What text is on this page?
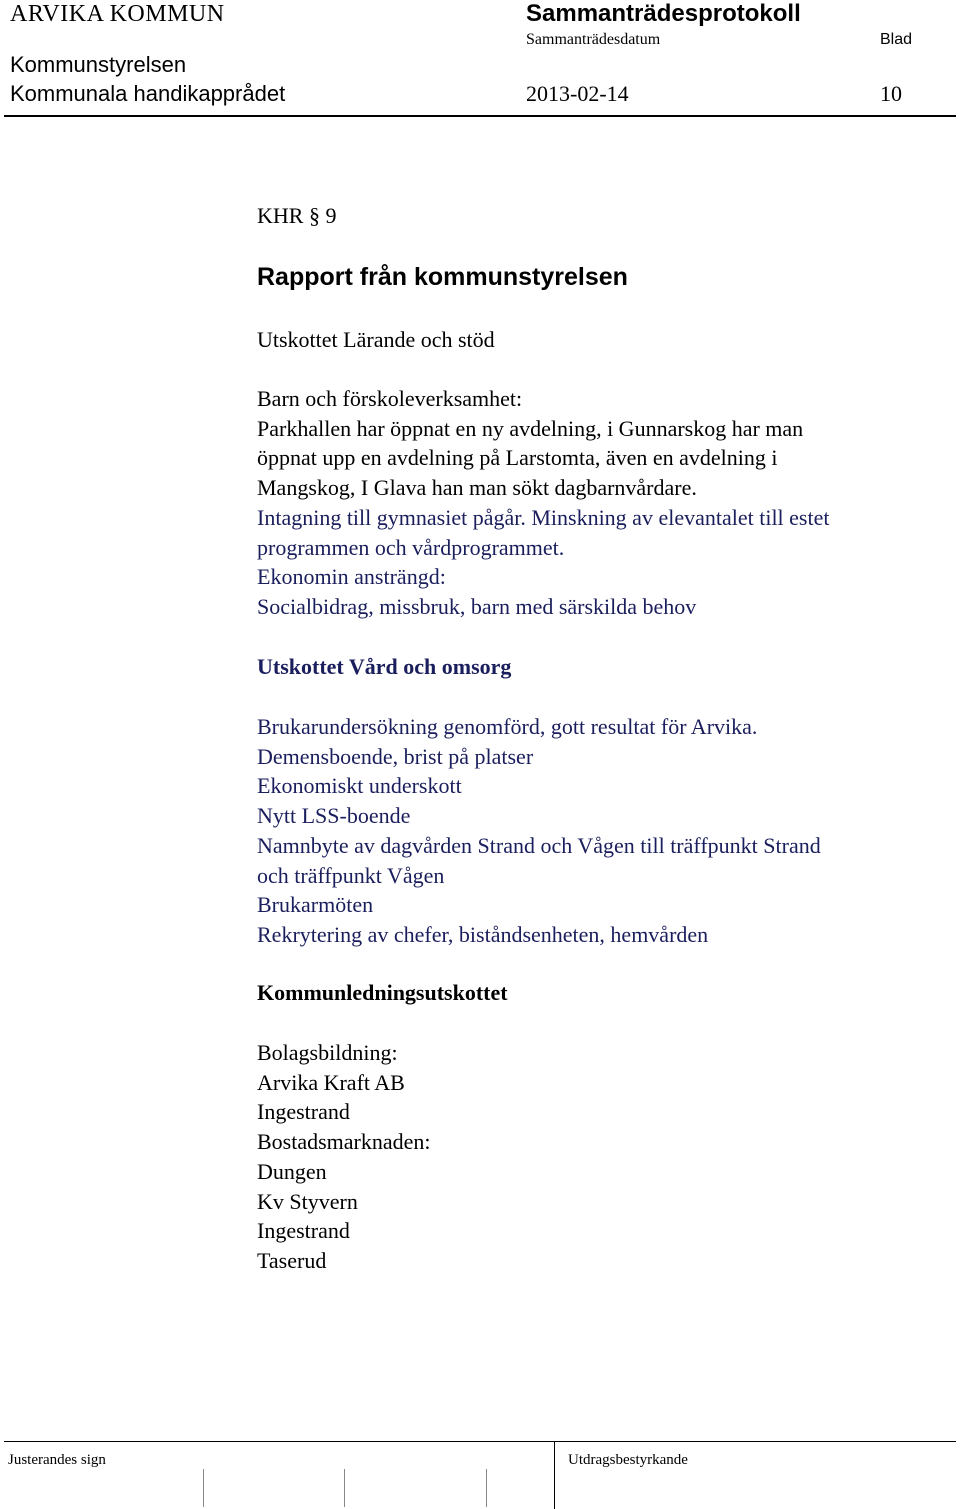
ARVIKA KOMMUN	Sammanträdesprotokoll
Sammanträdesdatum	Blad
Kommunstyrelsen
Kommunala handikapprådet	2013-02-14	10
KHR § 9
Rapport från kommunstyrelsen
Utskottet Lärande och stöd
Barn och förskoleverksamhet:
Parkhallen har öppnat en ny avdelning, i Gunnarskog har man
öppnat upp en avdelning på Larstomta, även en avdelning i
Mangskog, I Glava han man sökt dagbarnvårdare.
Intagning till gymnasiet pågår. Minskning av elevantalet till estet
programmen och vårdprogrammet.
Ekonomin ansträngd:
Socialbidrag, missbruk, barn med särskilda behov
Utskottet Vård och omsorg
Brukarundersökning genomförd, gott resultat för Arvika.
Demensboende, brist på platser
Ekonomiskt underskott
Nytt LSS-boende
Namnbyte av dagvården Strand och Vågen till träffpunkt Strand
och träffpunkt Vågen
Brukarmöten
Rekrytering av chefer, biståndsenheten, hemvården
Kommunledningsutskottet
Bolagsbildning:
Arvika Kraft AB
Ingestrand
Bostadsmarknaden:
Dungen
Kv Styvern
Ingestrand
Taserud
Justerandes sign	Utdragsbestyrkande
